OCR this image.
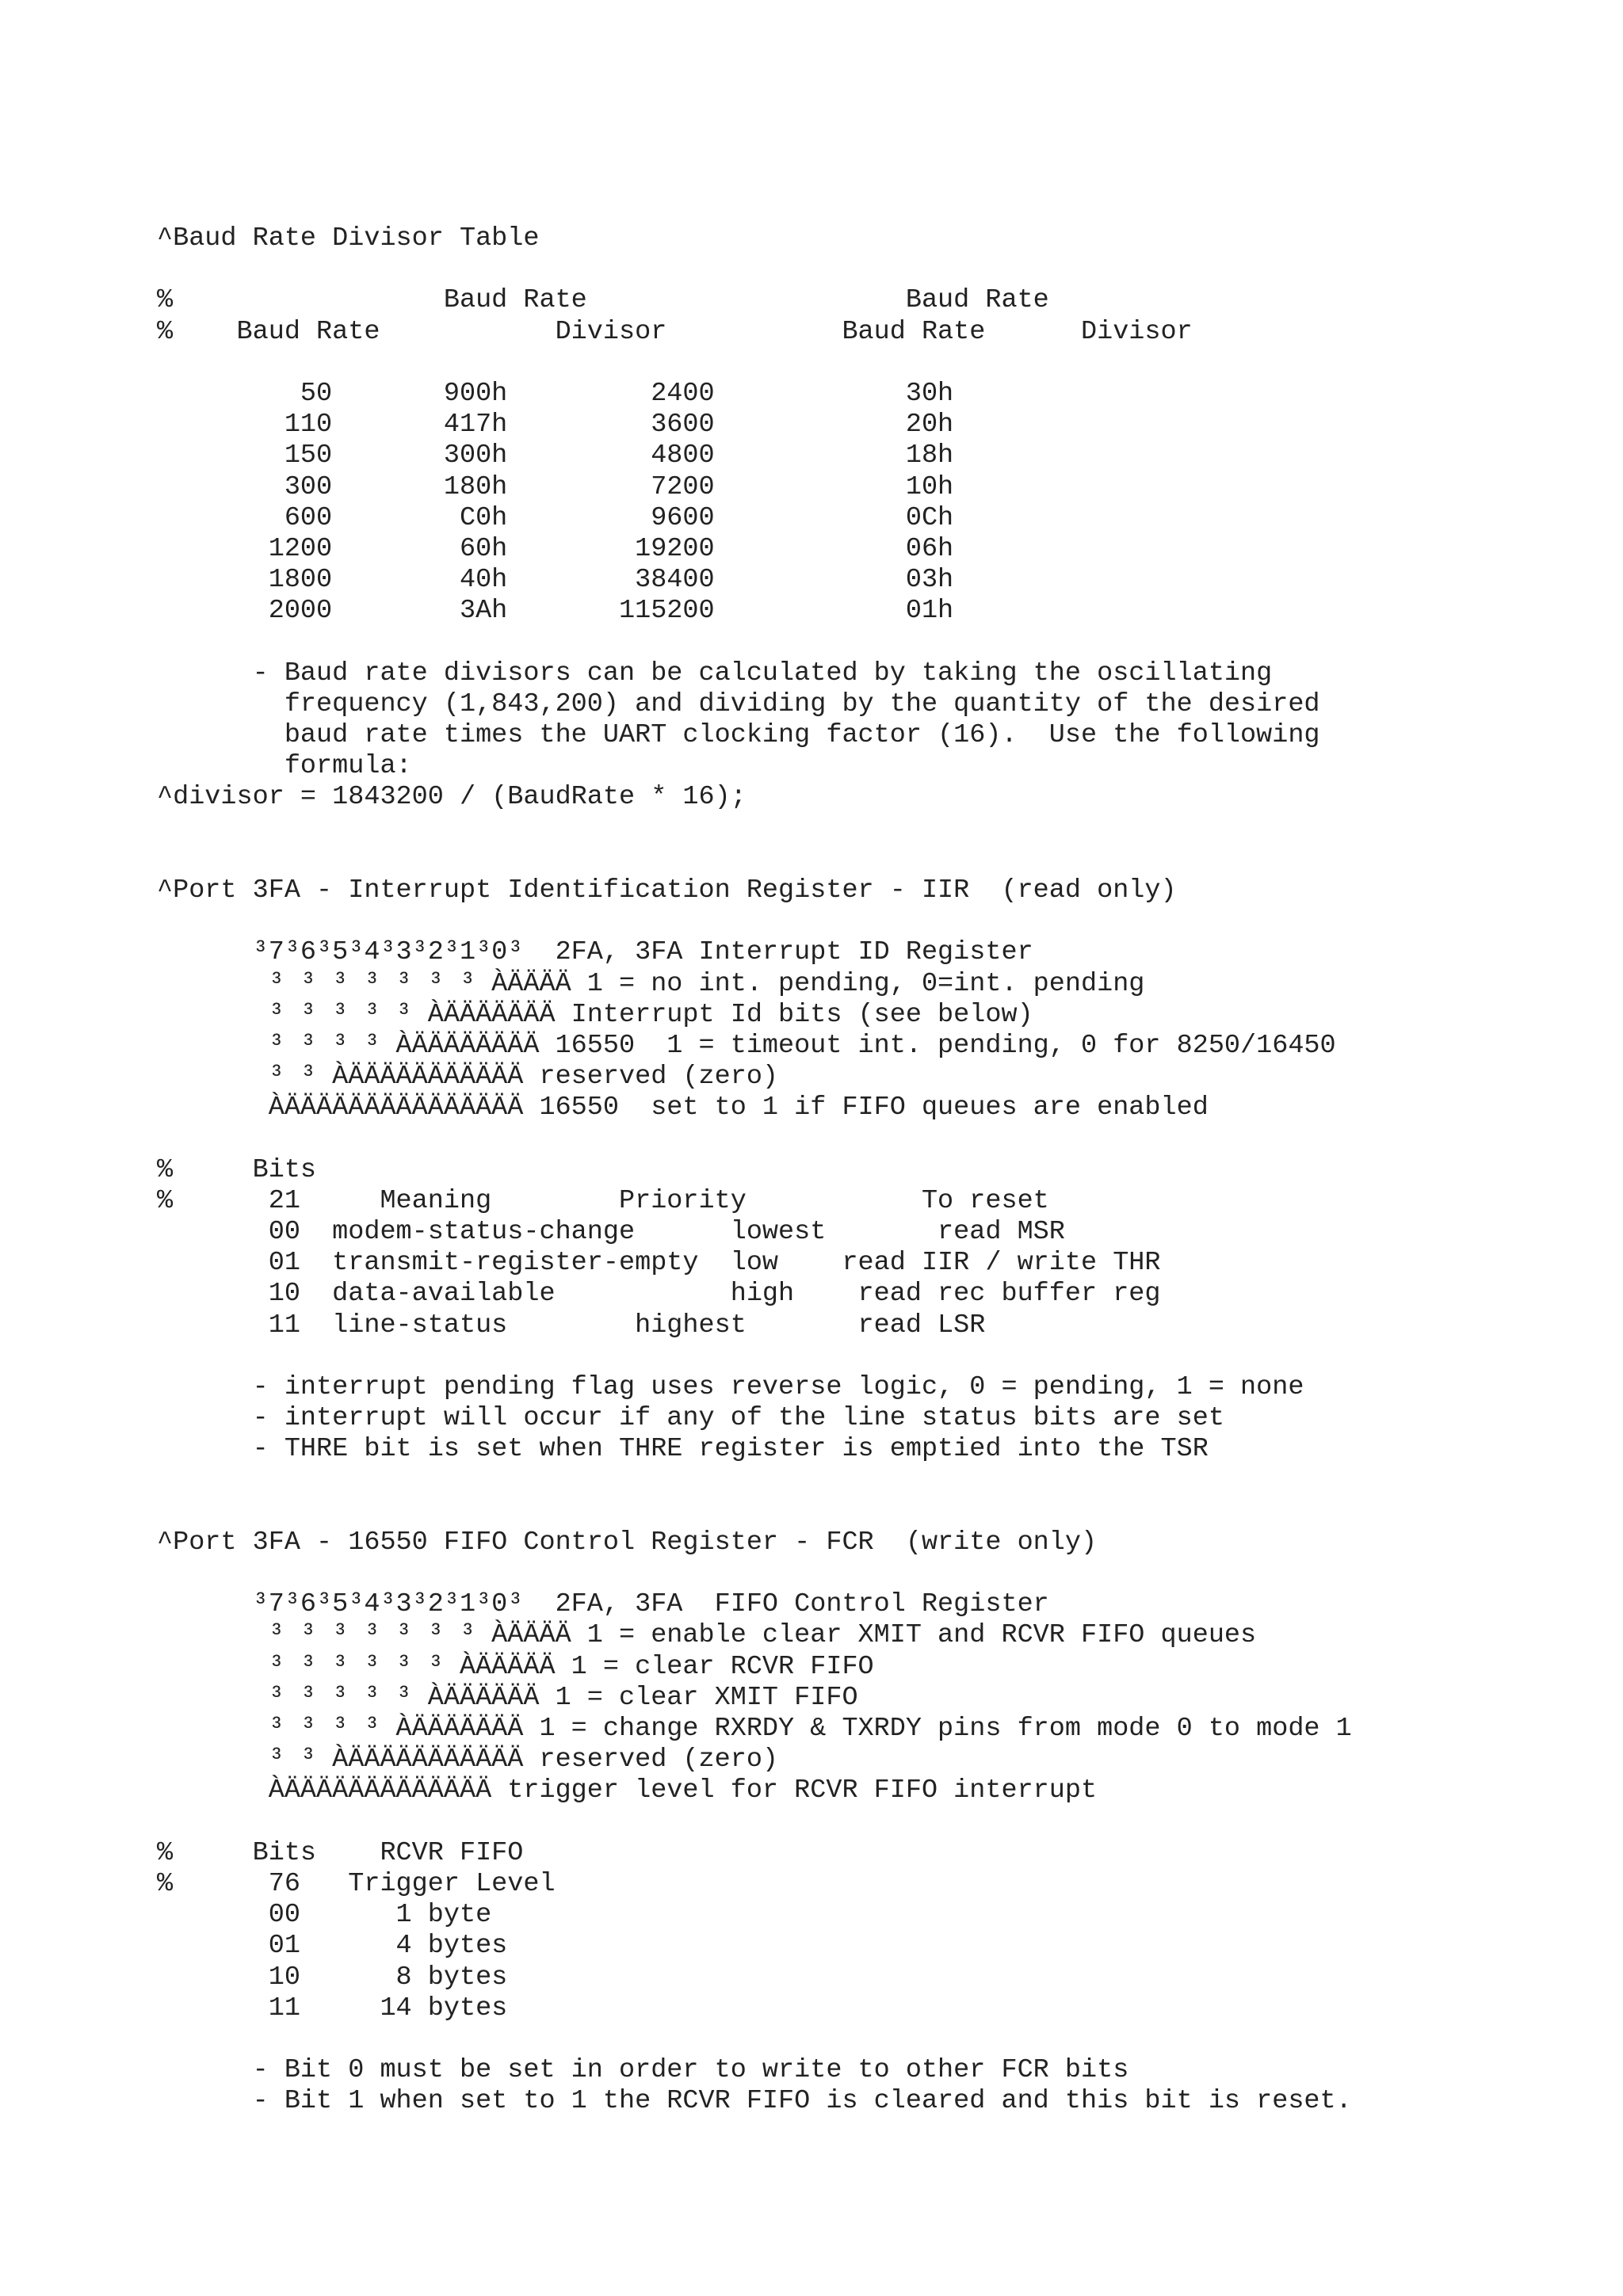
^Baud Rate Divisor Table
%                 Baud Rate                    Baud Rate
%    Baud Rate           Divisor           Baud Rate      Divisor
50       900h         2400            30h
110       417h         3600            20h
150       300h         4800            18h
300       180h         7200            10h
600        C0h         9600            0Ch
1200        60h        19200            06h
1800        40h        38400            03h
2000        3Ah       115200            01h
- Baud rate divisors can be calculated by taking the oscillating
frequency (1,843,200) and dividing by the quantity of the desired
baud rate times the UART clocking factor (16).  Use the following
formula:
^divisor = 1843200 / (BaudRate * 16);
^Port 3FA - Interrupt Identification Register - IIR  (read only)
³7³6³5³4³3³2³1³0³  2FA, 3FA Interrupt ID Register
³ ³ ³ ³ ³ ³ ³ ÀÄÄÄÄ 1 = no int. pending, 0=int. pending
³ ³ ³ ³ ³ ÀÄÄÄÄÄÄÄ Interrupt Id bits (see below)
³ ³ ³ ³ ÀÄÄÄÄÄÄÄÄ 16550  1 = timeout int. pending, 0 for 8250/16450
³ ³ ÀÄÄÄÄÄÄÄÄÄÄÄ reserved (zero)
ÀÄÄÄÄÄÄÄÄÄÄÄÄÄÄÄ 16550  set to 1 if FIFO queues are enabled
%     Bits
%      21     Meaning        Priority           To reset
00  modem-status-change      lowest       read MSR
01  transmit-register-empty  low    read IIR / write THR
10  data-available           high    read rec buffer reg
11  line-status        highest       read LSR
- interrupt pending flag uses reverse logic, 0 = pending, 1 = none
- interrupt will occur if any of the line status bits are set
- THRE bit is set when THRE register is emptied into the TSR
^Port 3FA - 16550 FIFO Control Register - FCR  (write only)
³7³6³5³4³3³2³1³0³  2FA, 3FA  FIFO Control Register
³ ³ ³ ³ ³ ³ ³ ÀÄÄÄÄ 1 = enable clear XMIT and RCVR FIFO queues
³ ³ ³ ³ ³ ³ ÀÄÄÄÄÄ 1 = clear RCVR FIFO
³ ³ ³ ³ ³ ÀÄÄÄÄÄÄ 1 = clear XMIT FIFO
³ ³ ³ ³ ÀÄÄÄÄÄÄÄ 1 = change RXRDY & TXRDY pins from mode 0 to mode 1
³ ³ ÀÄÄÄÄÄÄÄÄÄÄÄ reserved (zero)
ÀÄÄÄÄÄÄÄÄÄÄÄÄÄ trigger level for RCVR FIFO interrupt
%     Bits    RCVR FIFO
%      76   Trigger Level
00      1 byte
01      4 bytes
10      8 bytes
11     14 bytes
- Bit 0 must be set in order to write to other FCR bits
- Bit 1 when set to 1 the RCVR FIFO is cleared and this bit is reset.
